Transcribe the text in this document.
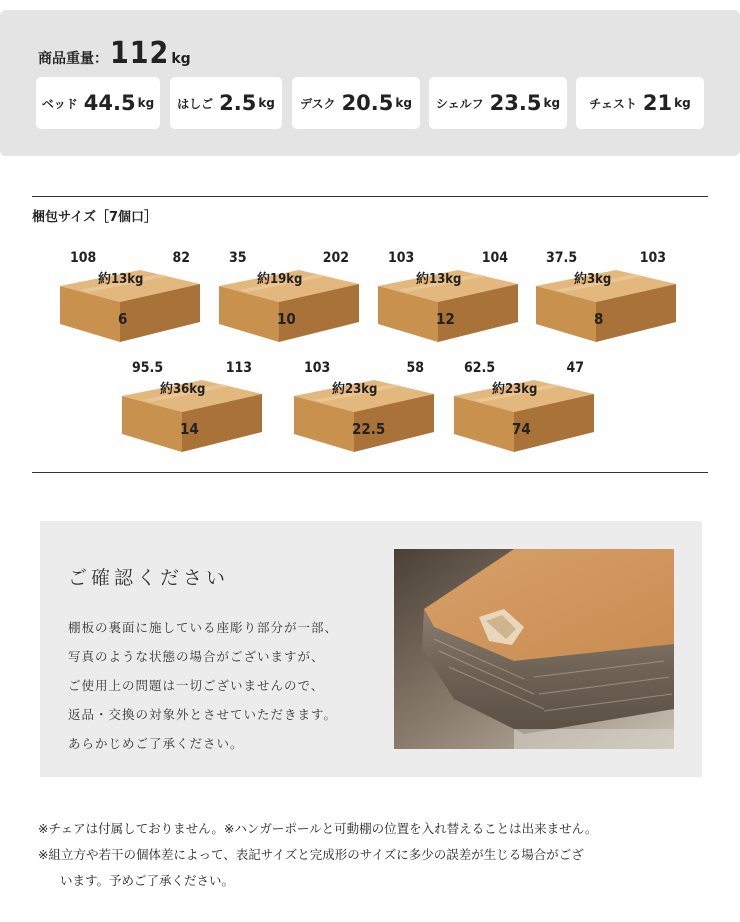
商品重量： 112 kg
ベッド 44.5 kg はしご 2.5 kg デスク 20.5 kg シェルフ 23.5 kg チェスト 21 kg
梱包サイズ［7個口］
108	82
約13kg
6
35	202
約19kg
10
103	104
約13kg
12
37.5	103
約3kg
8
95.5	113
約36kg
14
103	58
約23kg
22.5
62.5	47
約23kg
74
ご確認ください

棚板の裏面に施している座彫り部分が一部、

写真のような状態の場合がございますが、

ご使用上の問題は一切ございませんので、

返品・交換の対象外とさせていただきます。

あらかじめご了承ください。

※チェアは付属しておりません。※ハンガーポールと可動棚の位置を入れ替えることは出来ません。

※組立方や若干の個体差によって、表記サイズと完成形のサイズに多少の誤差が生じる場合がござ

います。予めご了承ください。
